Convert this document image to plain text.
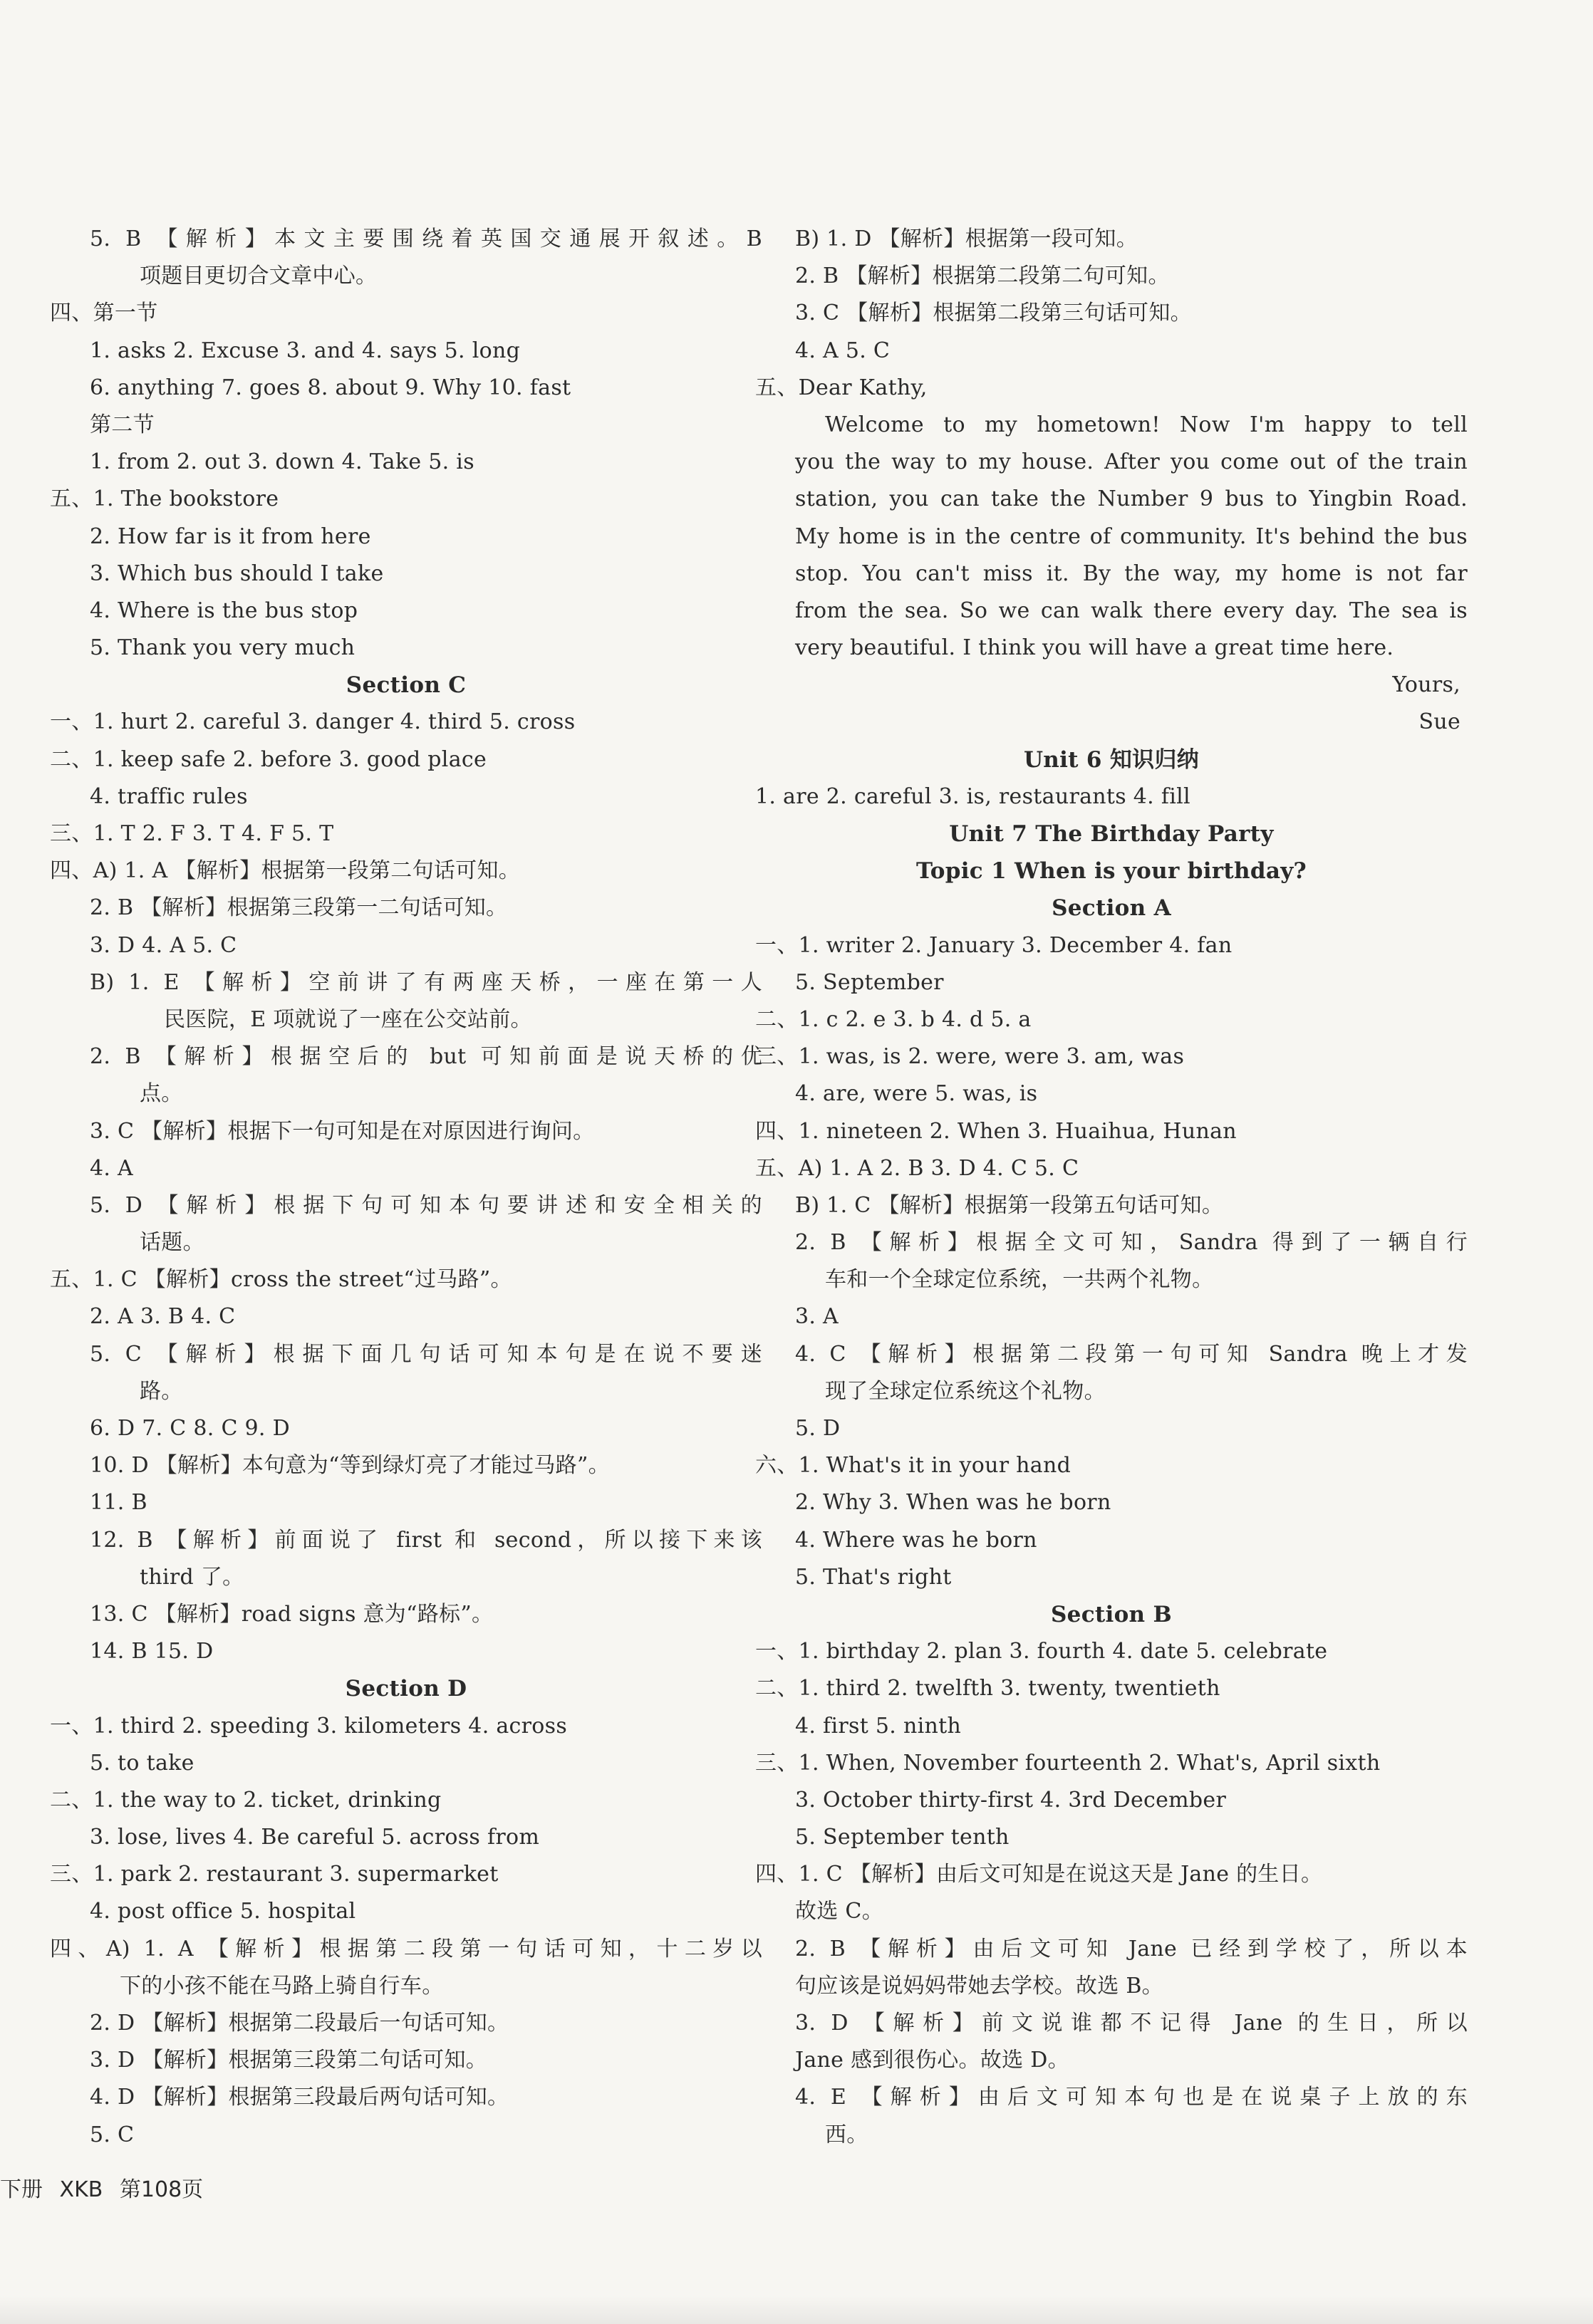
5. B 【解析】本文主要围绕着英国交通展开叙述。B
项题目更切合文章中心。
四、第一节
1. asks 2. Excuse 3. and 4. says 5. long
6. anything 7. goes 8. about 9. Why 10. fast
第二节
1. from 2. out 3. down 4. Take 5. is
五、1. The bookstore
2. How far is it from here
3. Which bus should I take
4. Where is the bus stop
5. Thank you very much
Section C
一、1. hurt 2. careful 3. danger 4. third 5. cross
二、1. keep safe 2. before 3. good place
4. traffic rules
三、1. T 2. F 3. T 4. F 5. T
四、A) 1. A 【解析】根据第一段第二句话可知。
2. B 【解析】根据第三段第一二句话可知。
3. D 4. A 5. C
B) 1. E 【解析】空前讲了有两座天桥，一座在第一人
民医院，E 项就说了一座在公交站前。
2. B 【解析】根据空后的 but 可知前面是说天桥的优
点。
3. C 【解析】根据下一句可知是在对原因进行询问。
4. A
5. D 【解析】根据下句可知本句要讲述和安全相关的
话题。
五、1. C 【解析】cross the street“过马路”。
2. A 3. B 4. C
5. C 【解析】根据下面几句话可知本句是在说不要迷
路。
6. D 7. C 8. C 9. D
10. D 【解析】本句意为“等到绿灯亮了才能过马路”。
11. B
12. B 【解析】前面说了 first 和 second，所以接下来该
third 了。
13. C 【解析】road signs 意为“路标”。
14. B 15. D
Section D
一、1. third 2. speeding 3. kilometers 4. across
5. to take
二、1. the way to 2. ticket, drinking
3. lose, lives 4. Be careful 5. across from
三、1. park 2. restaurant 3. supermarket
4. post office 5. hospital
四、A) 1. A 【解析】根据第二段第一句话可知，十二岁以
下的小孩不能在马路上骑自行车。
2. D 【解析】根据第二段最后一句话可知。
3. D 【解析】根据第三段第二句话可知。
4. D 【解析】根据第三段最后两句话可知。
5. C
B) 1. D 【解析】根据第一段可知。
2. B 【解析】根据第二段第二句可知。
3. C 【解析】根据第二段第三句话可知。
4. A 5. C
五、Dear Kathy,
Welcome to my hometown! Now I'm happy to tell
you the way to my house. After you come out of the train
station, you can take the Number 9 bus to Yingbin Road.
My home is in the centre of community. It's behind the bus
stop. You can't miss it. By the way, my home is not far
from the sea. So we can walk there every day. The sea is
very beautiful. I think you will have a great time here.
Yours,
Sue
Unit 6 知识归纳
1. are 2. careful 3. is, restaurants 4. fill
Unit 7 The Birthday Party
Topic 1 When is your birthday?
Section A
一、1. writer 2. January 3. December 4. fan
5. September
二、1. c 2. e 3. b 4. d 5. a
三、1. was, is 2. were, were 3. am, was
4. are, were 5. was, is
四、1. nineteen 2. When 3. Huaihua, Hunan
五、A) 1. A 2. B 3. D 4. C 5. C
B) 1. C 【解析】根据第一段第五句话可知。
2. B 【解析】根据全文可知，Sandra 得到了一辆自行
车和一个全球定位系统，一共两个礼物。
3. A
4. C 【解析】根据第二段第一句可知 Sandra 晚上才发
现了全球定位系统这个礼物。
5. D
六、1. What's it in your hand
2. Why 3. When was he born
4. Where was he born
5. That's right
Section B
一、1. birthday 2. plan 3. fourth 4. date 5. celebrate
二、1. third 2. twelfth 3. twenty, twentieth
4. first 5. ninth
三、1. When, November fourteenth 2. What's, April sixth
3. October thirty-first 4. 3rd December
5. September tenth
四、1. C 【解析】由后文可知是在说这天是 Jane 的生日。
故选 C。
2. B 【解析】由后文可知 Jane 已经到学校了，所以本
句应该是说妈妈带她去学校。故选 B。
3. D 【解析】前文说谁都不记得 Jane 的生日，所以
Jane 感到很伤心。故选 D。
4. E 【解析】由后文可知本句也是在说桌子上放的东
西。
下册 XKB 第108页
